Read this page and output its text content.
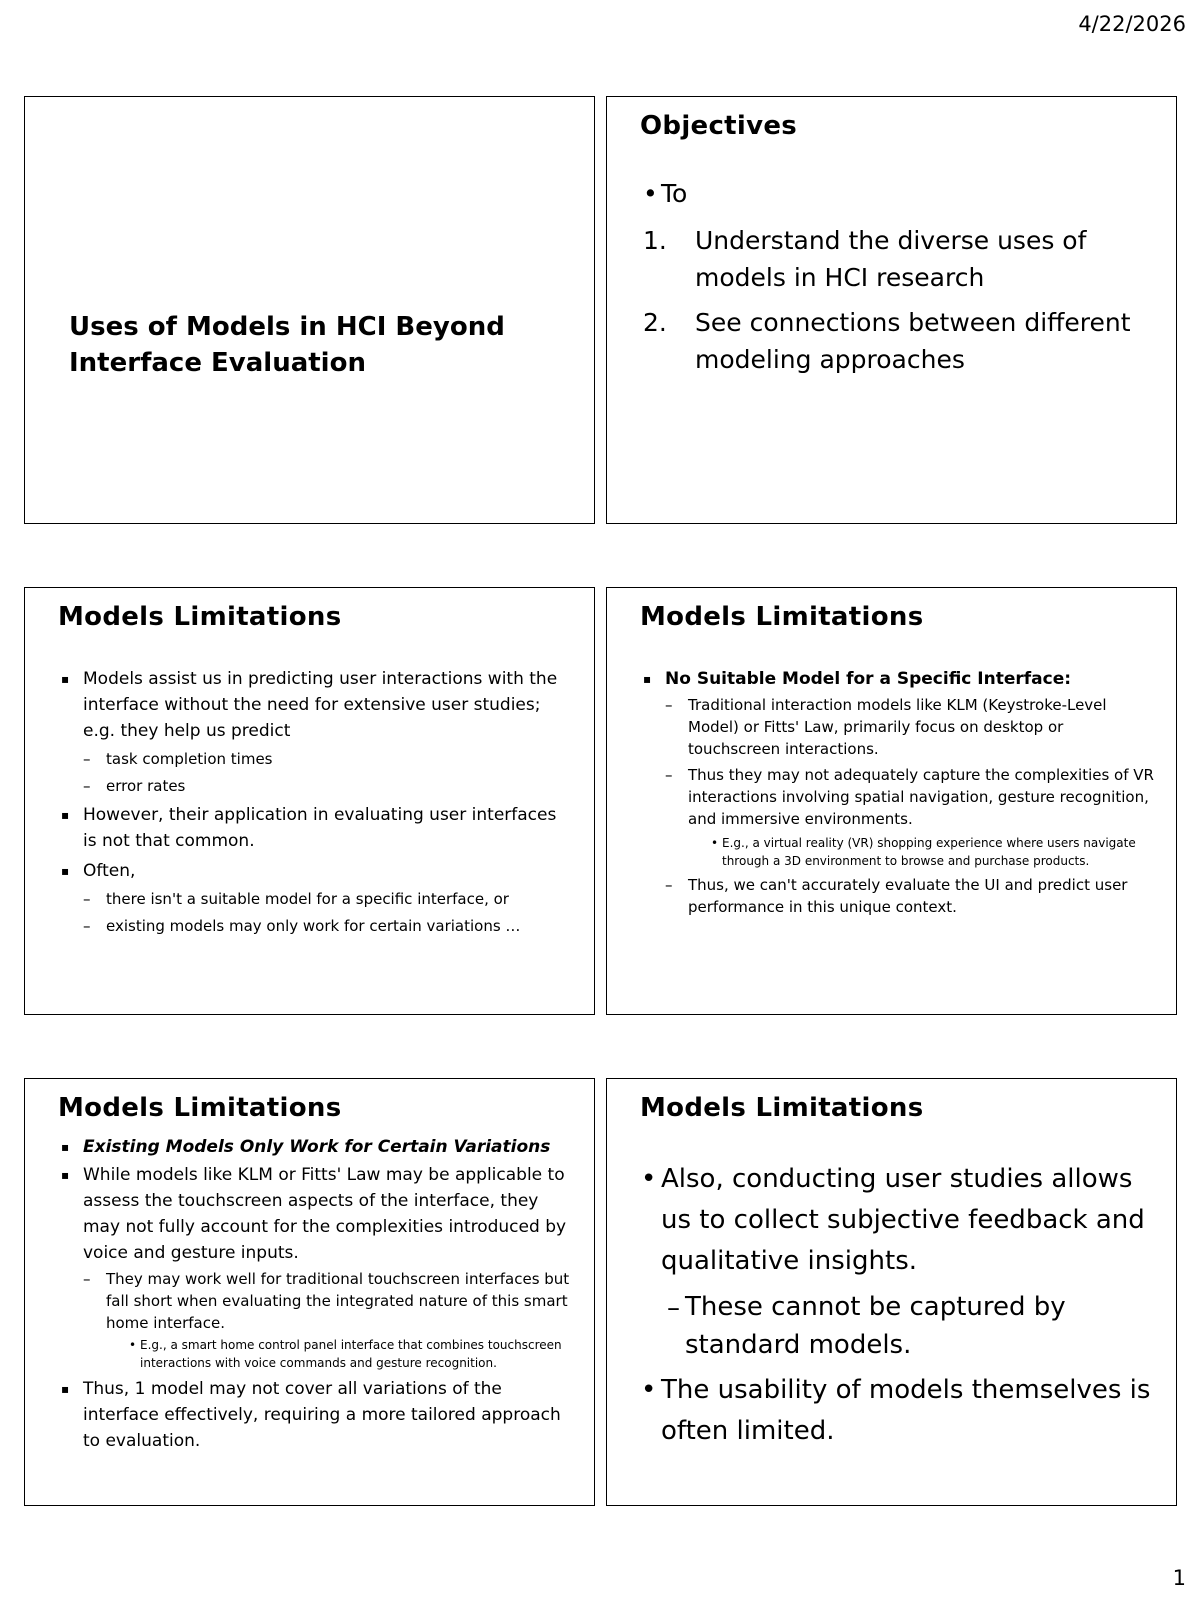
4/22/2026
Uses of Models in HCI Beyond Interface Evaluation
Objectives
• To
1.	Understand the diverse uses of models in HCI research
2.	See connections between different modeling approaches
Models Limitations
▪ Models assist us in predicting user interactions with the interface without the need for extensive user studies; e.g. they help us predict
–	task completion times
–	error rates
▪ However, their application in evaluating user interfaces is not that common.
▪ Often,
–	there isn't a suitable model for a specific interface, or
–	existing models may only work for certain variations …
Models Limitations
▪ No Suitable Model for a Specific Interface:
–	Traditional interaction models like KLM (Keystroke-Level Model) or Fitts' Law, primarily focus on desktop or touchscreen interactions.
–	Thus they may not adequately capture the complexities of VR interactions involving spatial navigation, gesture recognition, and immersive environments.
• E.g., a virtual reality (VR) shopping experience where users navigate through a 3D environment to browse and purchase products.
–	Thus, we can't accurately evaluate the UI and predict user performance in this unique context.
Models Limitations
▪ Existing Models Only Work for Certain Variations
▪ While models like KLM or Fitts' Law may be applicable to assess the touchscreen aspects of the interface, they may not fully account for the complexities introduced by voice and gesture inputs.
–	They may work well for traditional touchscreen interfaces but fall short when evaluating the integrated nature of this smart home interface.
• E.g., a smart home control panel interface that combines touchscreen interactions with voice commands and gesture recognition.
▪ Thus, 1 model may not cover all variations of the interface effectively, requiring a more tailored approach to evaluation.
Models Limitations
• Also, conducting user studies allows us to collect subjective feedback and qualitative insights.
– These cannot be captured by standard models.
• The usability of models themselves is often limited.
1
